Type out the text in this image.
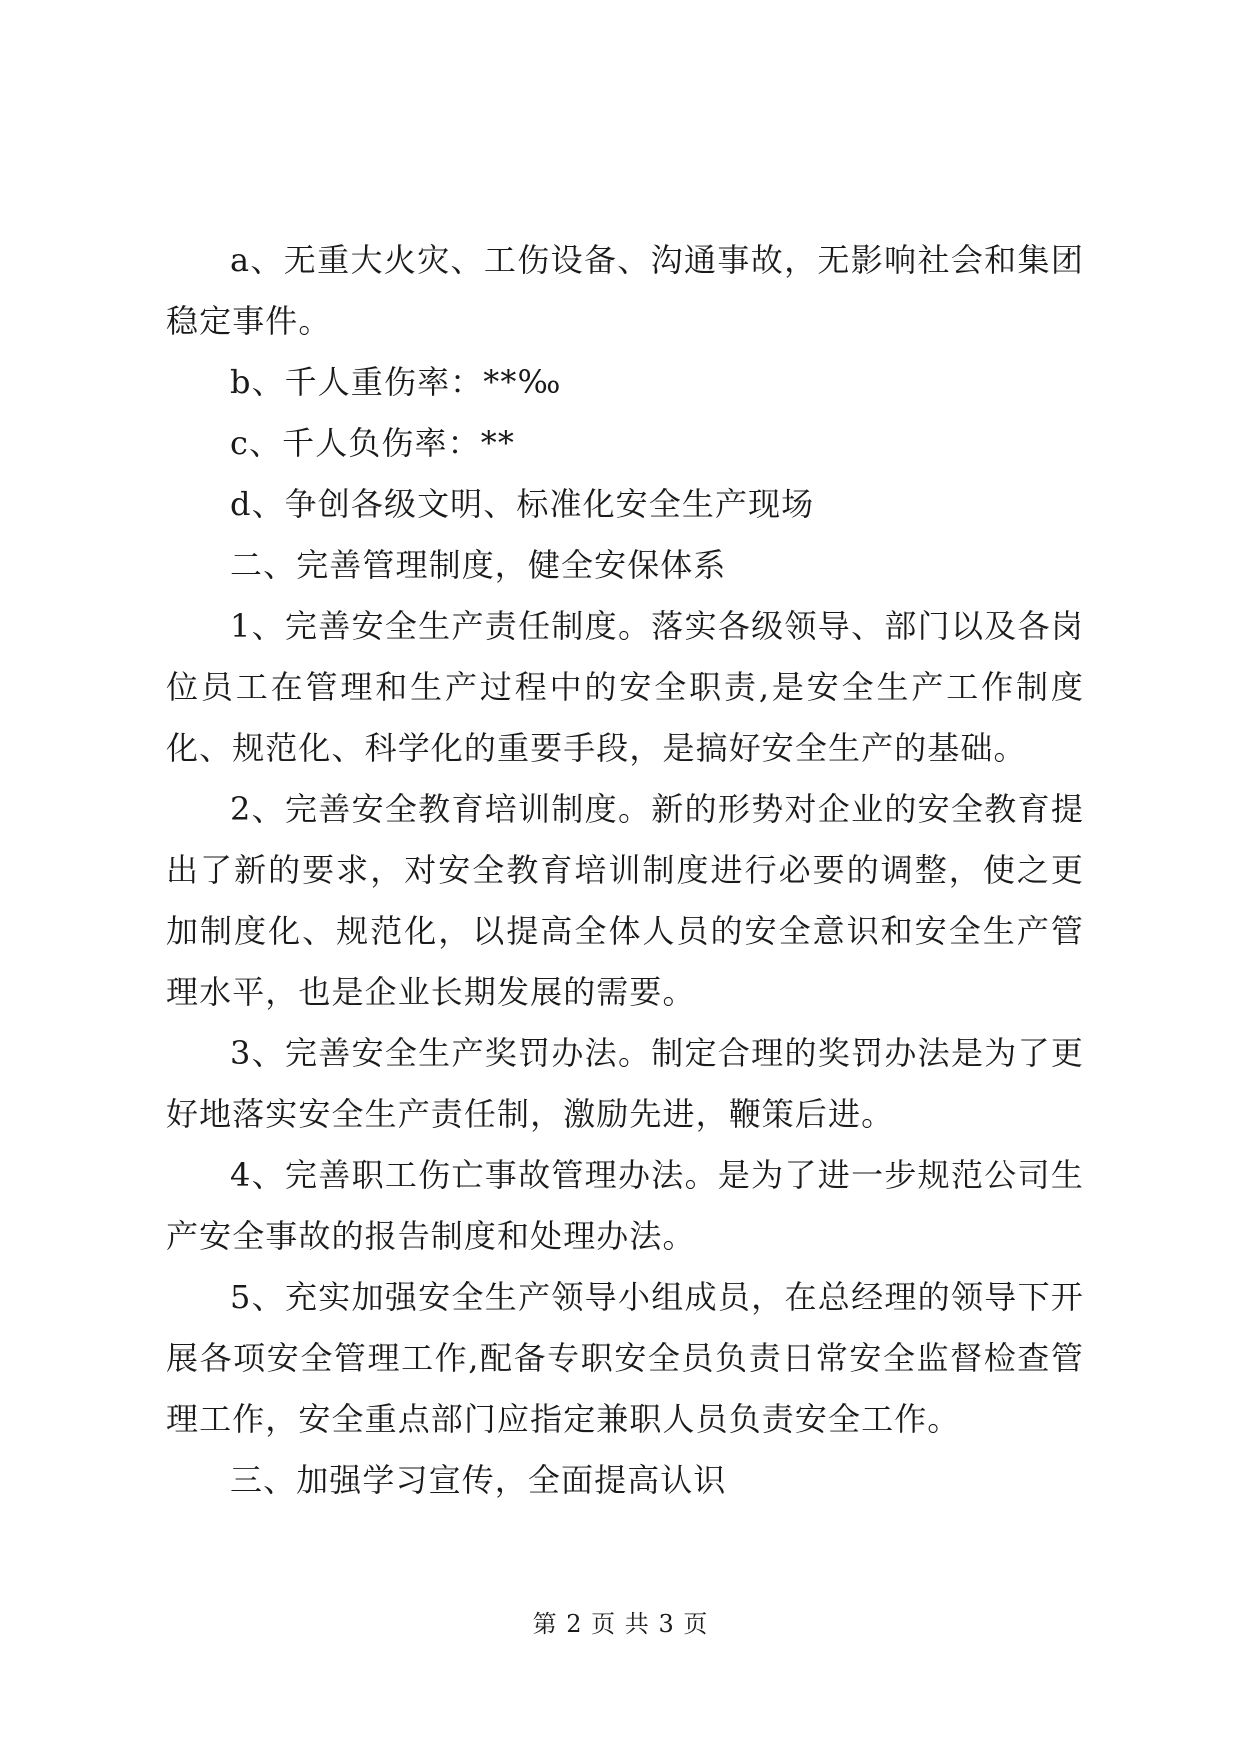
a、无重大火灾、工伤设备、沟通事故，无影响社会和集团稳定事件。

b、千人重伤率：**‰

c、千人负伤率：**

d、争创各级文明、标准化安全生产现场

二、完善管理制度，健全安保体系

1、完善安全生产责任制度。落实各级领导、部门以及各岗位员工在管理和生产过程中的安全职责,是安全生产工作制度化、规范化、科学化的重要手段，是搞好安全生产的基础。

2、完善安全教育培训制度。新的形势对企业的安全教育提出了新的要求，对安全教育培训制度进行必要的调整，使之更加制度化、规范化，以提高全体人员的安全意识和安全生产管理水平，也是企业长期发展的需要。

3、完善安全生产奖罚办法。制定合理的奖罚办法是为了更好地落实安全生产责任制，激励先进，鞭策后进。

4、完善职工伤亡事故管理办法。是为了进一步规范公司生产安全事故的报告制度和处理办法。

5、充实加强安全生产领导小组成员，在总经理的领导下开展各项安全管理工作,配备专职安全员负责日常安全监督检查管理工作，安全重点部门应指定兼职人员负责安全工作。

三、加强学习宣传，全面提高认识

第 2 页 共 3 页
